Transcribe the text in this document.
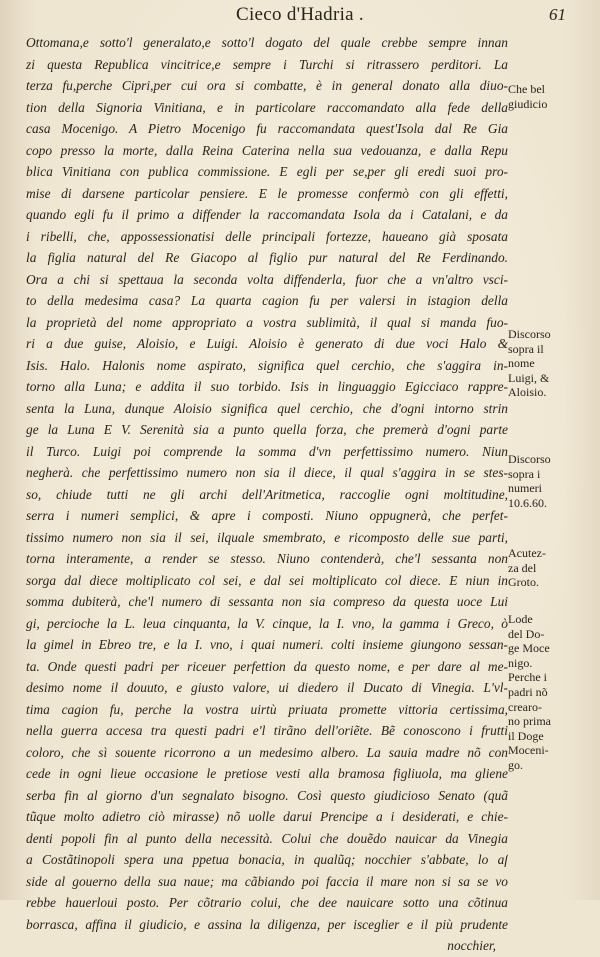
Cieco d'Hadria .	61
Ottomana,e sotto'l generalato,e sotto'l dogato del quale crebbe sempre innan
zi questa Republica vincitrice,e sempre i Turchi si ritrassero perditori. La
terza fu,perche Cipri,per cui ora si combatte, è in general donato alla diuo-
tion della Signoria Vinitiana, e in particolare raccomandato alla fede della
casa Mocenigo. A Pietro Mocenigo fu raccomandata quest'Isola dal Re Gia
copo presso la morte, dalla Reina Caterina nella sua vedouanza, e dalla Repu
blica Vinitiana con publica commissione. E egli per se,per gli eredi suoi pro-
mise di darsene particolar pensiere. E le promesse confermò con gli effetti,
quando egli fu il primo a diffender la raccomandata Isola da i Catalani, e da
i ribelli, che, appossessionatisi delle principali fortezze, haueano già sposata
la figlia natural del Re Giacopo al figlio pur natural del Re Ferdinando.
Ora a chi si spettaua la seconda volta diffenderla, fuor che a vn'altro vsci-
to della medesima casa? La quarta cagion fu per valersi in istagion della
la proprietà del nome appropriato a vostra sublimità, il qual si manda fuo-
ri a due guise, Aloisio, e Luigi. Aloisio è generato di due voci Halo &
Isis. Halo. Halonis nome aspirato, significa quel cerchio, che s'aggira in-
torno alla Luna; e addita il suo torbido. Isis in linguaggio Egicciaco rappre-
senta la Luna, dunque Aloisio significa quel cerchio, che d'ogni intorno strin
ge la Luna E V. Serenità sia a punto quella forza, che premerà d'ogni parte
il Turco. Luigi poi comprende la somma d'vn perfettissimo numero. Niun
negherà. che perfettissimo numero non sia il diece, il qual s'aggira in se stes-
so, chiude tutti ne gli archi dell'Aritmetica, raccoglie ogni moltitudine,
serra i numeri semplici, & apre i composti. Niuno oppugnerà, che perfet-
tissimo numero non sia il sei, ilquale smembrato, e ricomposto delle sue parti,
torna interamente, a render se stesso. Niuno contenderà, che'l sessanta non
sorga dal diece moltiplicato col sei, e dal sei moltiplicato col diece. E niun in
somma dubiterà, che'l numero di sessanta non sia compreso da questa uoce Lui
gi, percioche la L. leua cinquanta, la V. cinque, la I. vno, la gamma i Greco, ò
la gimel in Ebreo tre, e la I. vno, i quai numeri. colti insieme giungono sessan-
ta. Onde questi padri per riceuer perfettion da questo nome, e per dare al me-
desimo nome il douuto, e giusto valore, ui diedero il Ducato di Vinegia. L'vl-
tima cagion fu, perche la vostra uirtù priuata promette vittoria certissima,
nella guerra accesa tra questi padri e'l tirãno dell'oriẽte. Bẽ conoscono i frutti
coloro, che sì souente ricorrono a un medesimo albero. La sauia madre nõ con
cede in ogni lieue occasione le pretiose vesti alla bramosa figliuola, ma gliene
serba fin al giorno d'un segnalato bisogno. Così questo giudicioso Senato (quã
tũque molto adietro ciò mirasse) nõ uolle darui Prencipe a i desiderati, e chie-
denti popoli fin al punto della necessità. Colui che douẽdo nauicar da Vinegia
a Costãtinopoli spera una ppetua bonacia, in qualũq; nocchier s'abbate, lo aſ
side al gouerno della sua naue; ma cãbiando poi faccia il mare non si sa se vo
rebbe hauerloui posto. Per cõtrario colui, che dee nauicare sotto una cõtinua
borrasca, affina il giudicio, e assina la diligenza, per isceglier e il più prudente
nocchier,
Che bel
giudicio
Discorso
sopra il
nome
Luigi, &
Aloisio.
Discorso
sopra i
numeri
10.6.60.
Acutez-
za del
Groto.
Lode
del Do-
ge Moce
nigo.
Perche i
padri nõ
crearo-
no prima
il Doge
Moceni-
go.
